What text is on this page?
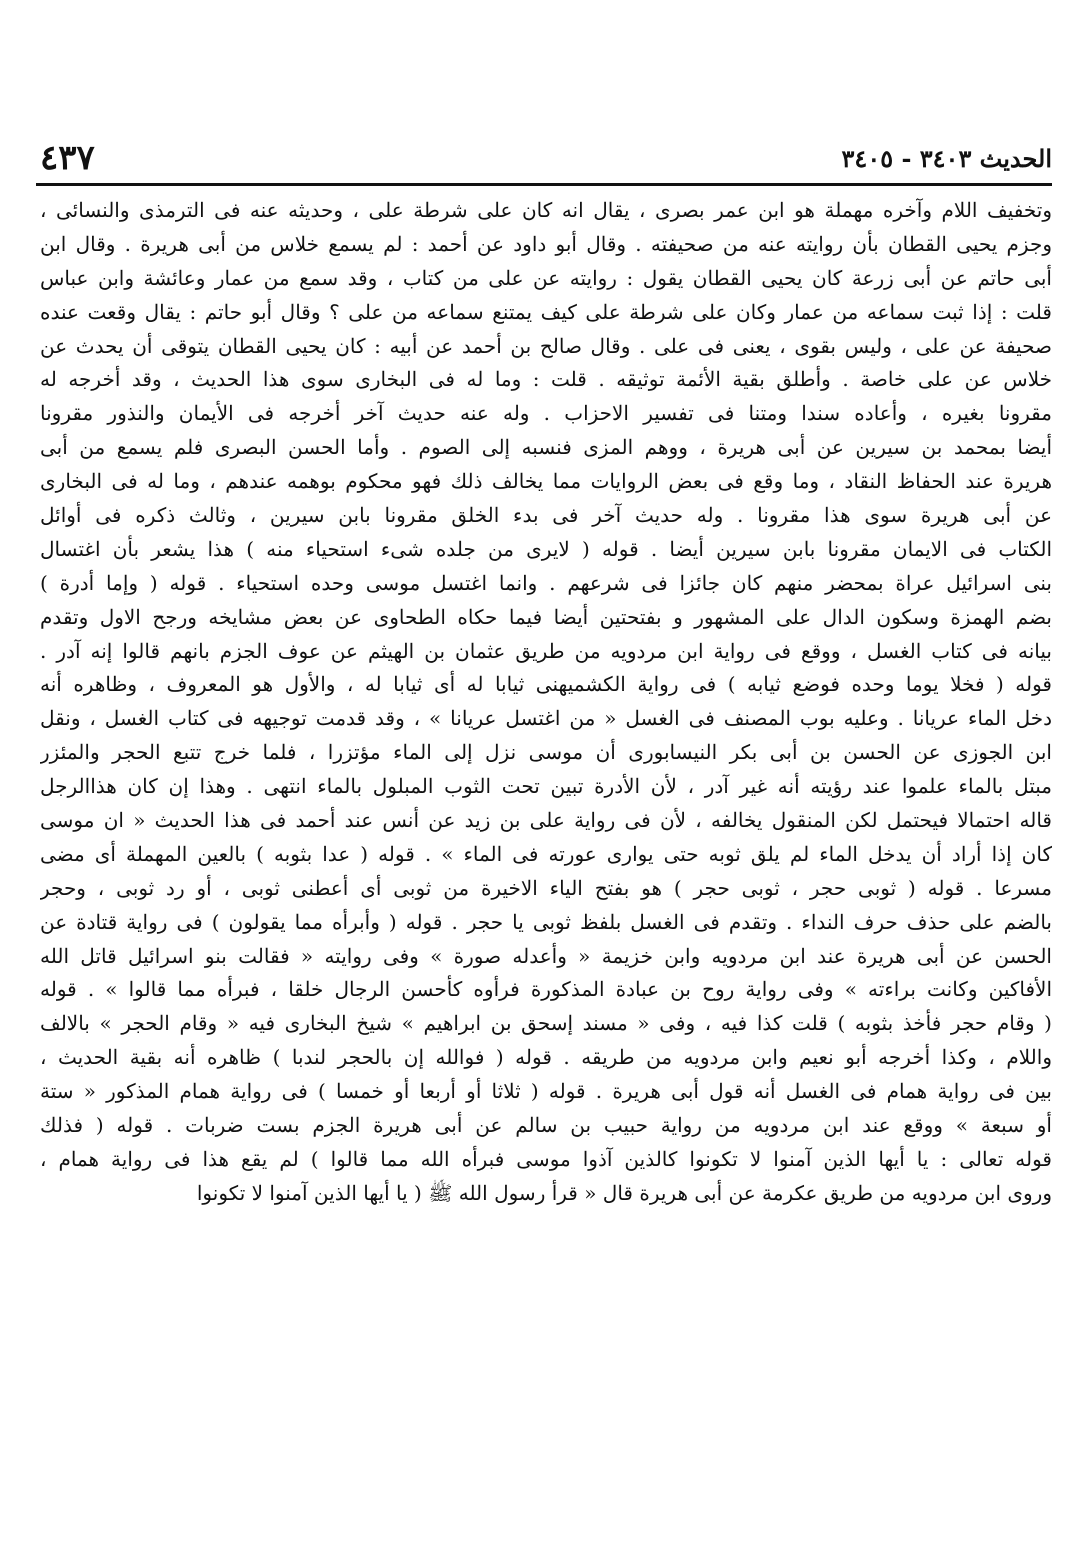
الحديث ٣٤٠٣ - ٣٤٠٥
٤٣٧
وتخفيف اللام وآخره مهملة هو ابن عمر بصرى ، يقال انه كان على شرطة على ، وحديثه عنه فى الترمذى والنسائى ،
وجزم يحيى القطان بأن روايته عنه من صحيفته . وقال أبو داود عن أحمد : لم يسمع خلاس من أبى هريرة . وقال ابن
أبى حاتم عن أبى زرعة كان يحيى القطان يقول : روايته عن على من كتاب ، وقد سمع من عمار وعائشة وابن عباس
قلت : إذا ثبت سماعه من عمار وكان على شرطة على كيف يمتنع سماعه من على ؟ وقال أبو حاتم : يقال وقعت عنده
صحيفة عن على ، وليس بقوى ، يعنى فى على . وقال صالح بن أحمد عن أبيه : كان يحيى القطان يتوقى أن يحدث عن
خلاس عن على خاصة . وأطلق بقية الأئمة توثيقه . قلت : وما له فى البخارى سوى هذا الحديث ، وقد أخرجه له
مقرونا بغيره ، وأعاده سندا ومتنا فى تفسير الاحزاب . وله عنه حديث آخر أخرجه فى الأيمان والنذور مقرونا
أيضا بمحمد بن سيرين عن أبى هريرة ، ووهم المزى فنسبه إلى الصوم . وأما الحسن البصرى فلم يسمع من أبى
هريرة عند الحفاظ النقاد ، وما وقع فى بعض الروايات مما يخالف ذلك فهو محكوم بوهمه عندهم ، وما له فى البخارى
عن أبى هريرة سوى هذا مقرونا . وله حديث آخر فى بدء الخلق مقرونا بابن سيرين ، وثالث ذكره فى أوائل
الكتاب فى الايمان مقرونا بابن سيرين أيضا . قوله ( لايرى من جلده شىء استحياء منه ) هذا يشعر بأن اغتسال
بنى اسرائيل عراة بمحضر منهم كان جائزا فى شرعهم . وانما اغتسل موسى وحده استحياء . قوله ( وإما أدرة )
بضم الهمزة وسكون الدال على المشهور و بفتحتين أيضا فيما حكاه الطحاوى عن بعض مشايخه ورجح الاول وتقدم
بيانه فى كتاب الغسل ، ووقع فى رواية ابن مردويه من طريق عثمان بن الهيثم عن عوف الجزم بانهم قالوا إنه آدر .
قوله ( فخلا يوما وحده فوضع ثيابه ) فى رواية الكشميهنى ثيابا له أى ثيابا له ، والأول هو المعروف ، وظاهره أنه
دخل الماء عريانا . وعليه بوب المصنف فى الغسل « من اغتسل عريانا » ، وقد قدمت توجيهه فى كتاب الغسل ، ونقل
ابن الجوزى عن الحسن بن أبى بكر النيسابورى أن موسى نزل إلى الماء مؤتزرا ، فلما خرج تتبع الحجر والمئزر
مبتل بالماء علموا عند رؤيته أنه غير آدر ، لأن الأدرة تبين تحت الثوب المبلول بالماء انتهى . وهذا إن كان هذاالرجل
قاله احتمالا فيحتمل لكن المنقول يخالفه ، لأن فى رواية على بن زيد عن أنس عند أحمد فى هذا الحديث « ان موسى
كان إذا أراد أن يدخل الماء لم يلق ثوبه حتى يوارى عورته فى الماء » . قوله ( عدا بثوبه ) بالعين المهملة أى مضى
مسرعا . قوله ( ثوبى حجر ، ثوبى حجر ) هو بفتح الياء الاخيرة من ثوبى أى أعطنى ثوبى ، أو رد ثوبى ، وحجر
بالضم على حذف حرف النداء . وتقدم فى الغسل بلفظ ثوبى يا حجر . قوله ( وأبرأه مما يقولون ) فى رواية قتادة عن
الحسن عن أبى هريرة عند ابن مردويه وابن خزيمة « وأعدله صورة » وفى روايته « فقالت بنو اسرائيل قاتل الله
الأفاكين وكانت براءته » وفى رواية روح بن عبادة المذكورة فرأوه كأحسن الرجال خلقا ، فبرأه مما قالوا » . قوله
( وقام حجر فأخذ بثوبه ) قلت كذا فيه ، وفى « مسند إسحق بن ابراهيم » شيخ البخارى فيه « وقام الحجر » بالالف
واللام ، وكذا أخرجه أبو نعيم وابن مردويه من طريقه . قوله ( فوالله إن بالحجر لندبا ) ظاهره أنه بقية الحديث ،
بين فى رواية همام فى الغسل أنه قول أبى هريرة . قوله ( ثلاثا أو أربعا أو خمسا ) فى رواية همام المذكور « ستة
أو سبعة » ووقع عند ابن مردويه من رواية حبيب بن سالم عن أبى هريرة الجزم بست ضربات . قوله ( فذلك
قوله تعالى : يا أيها الذين آمنوا لا تكونوا كالذين آذوا موسى فبرأه الله مما قالوا ) لم يقع هذا فى رواية همام ،
وروى ابن مردويه من طريق عكرمة عن أبى هريرة قال « قرأ رسول الله ﷺ ( يا أيها الذين آمنوا لا تكونوا
